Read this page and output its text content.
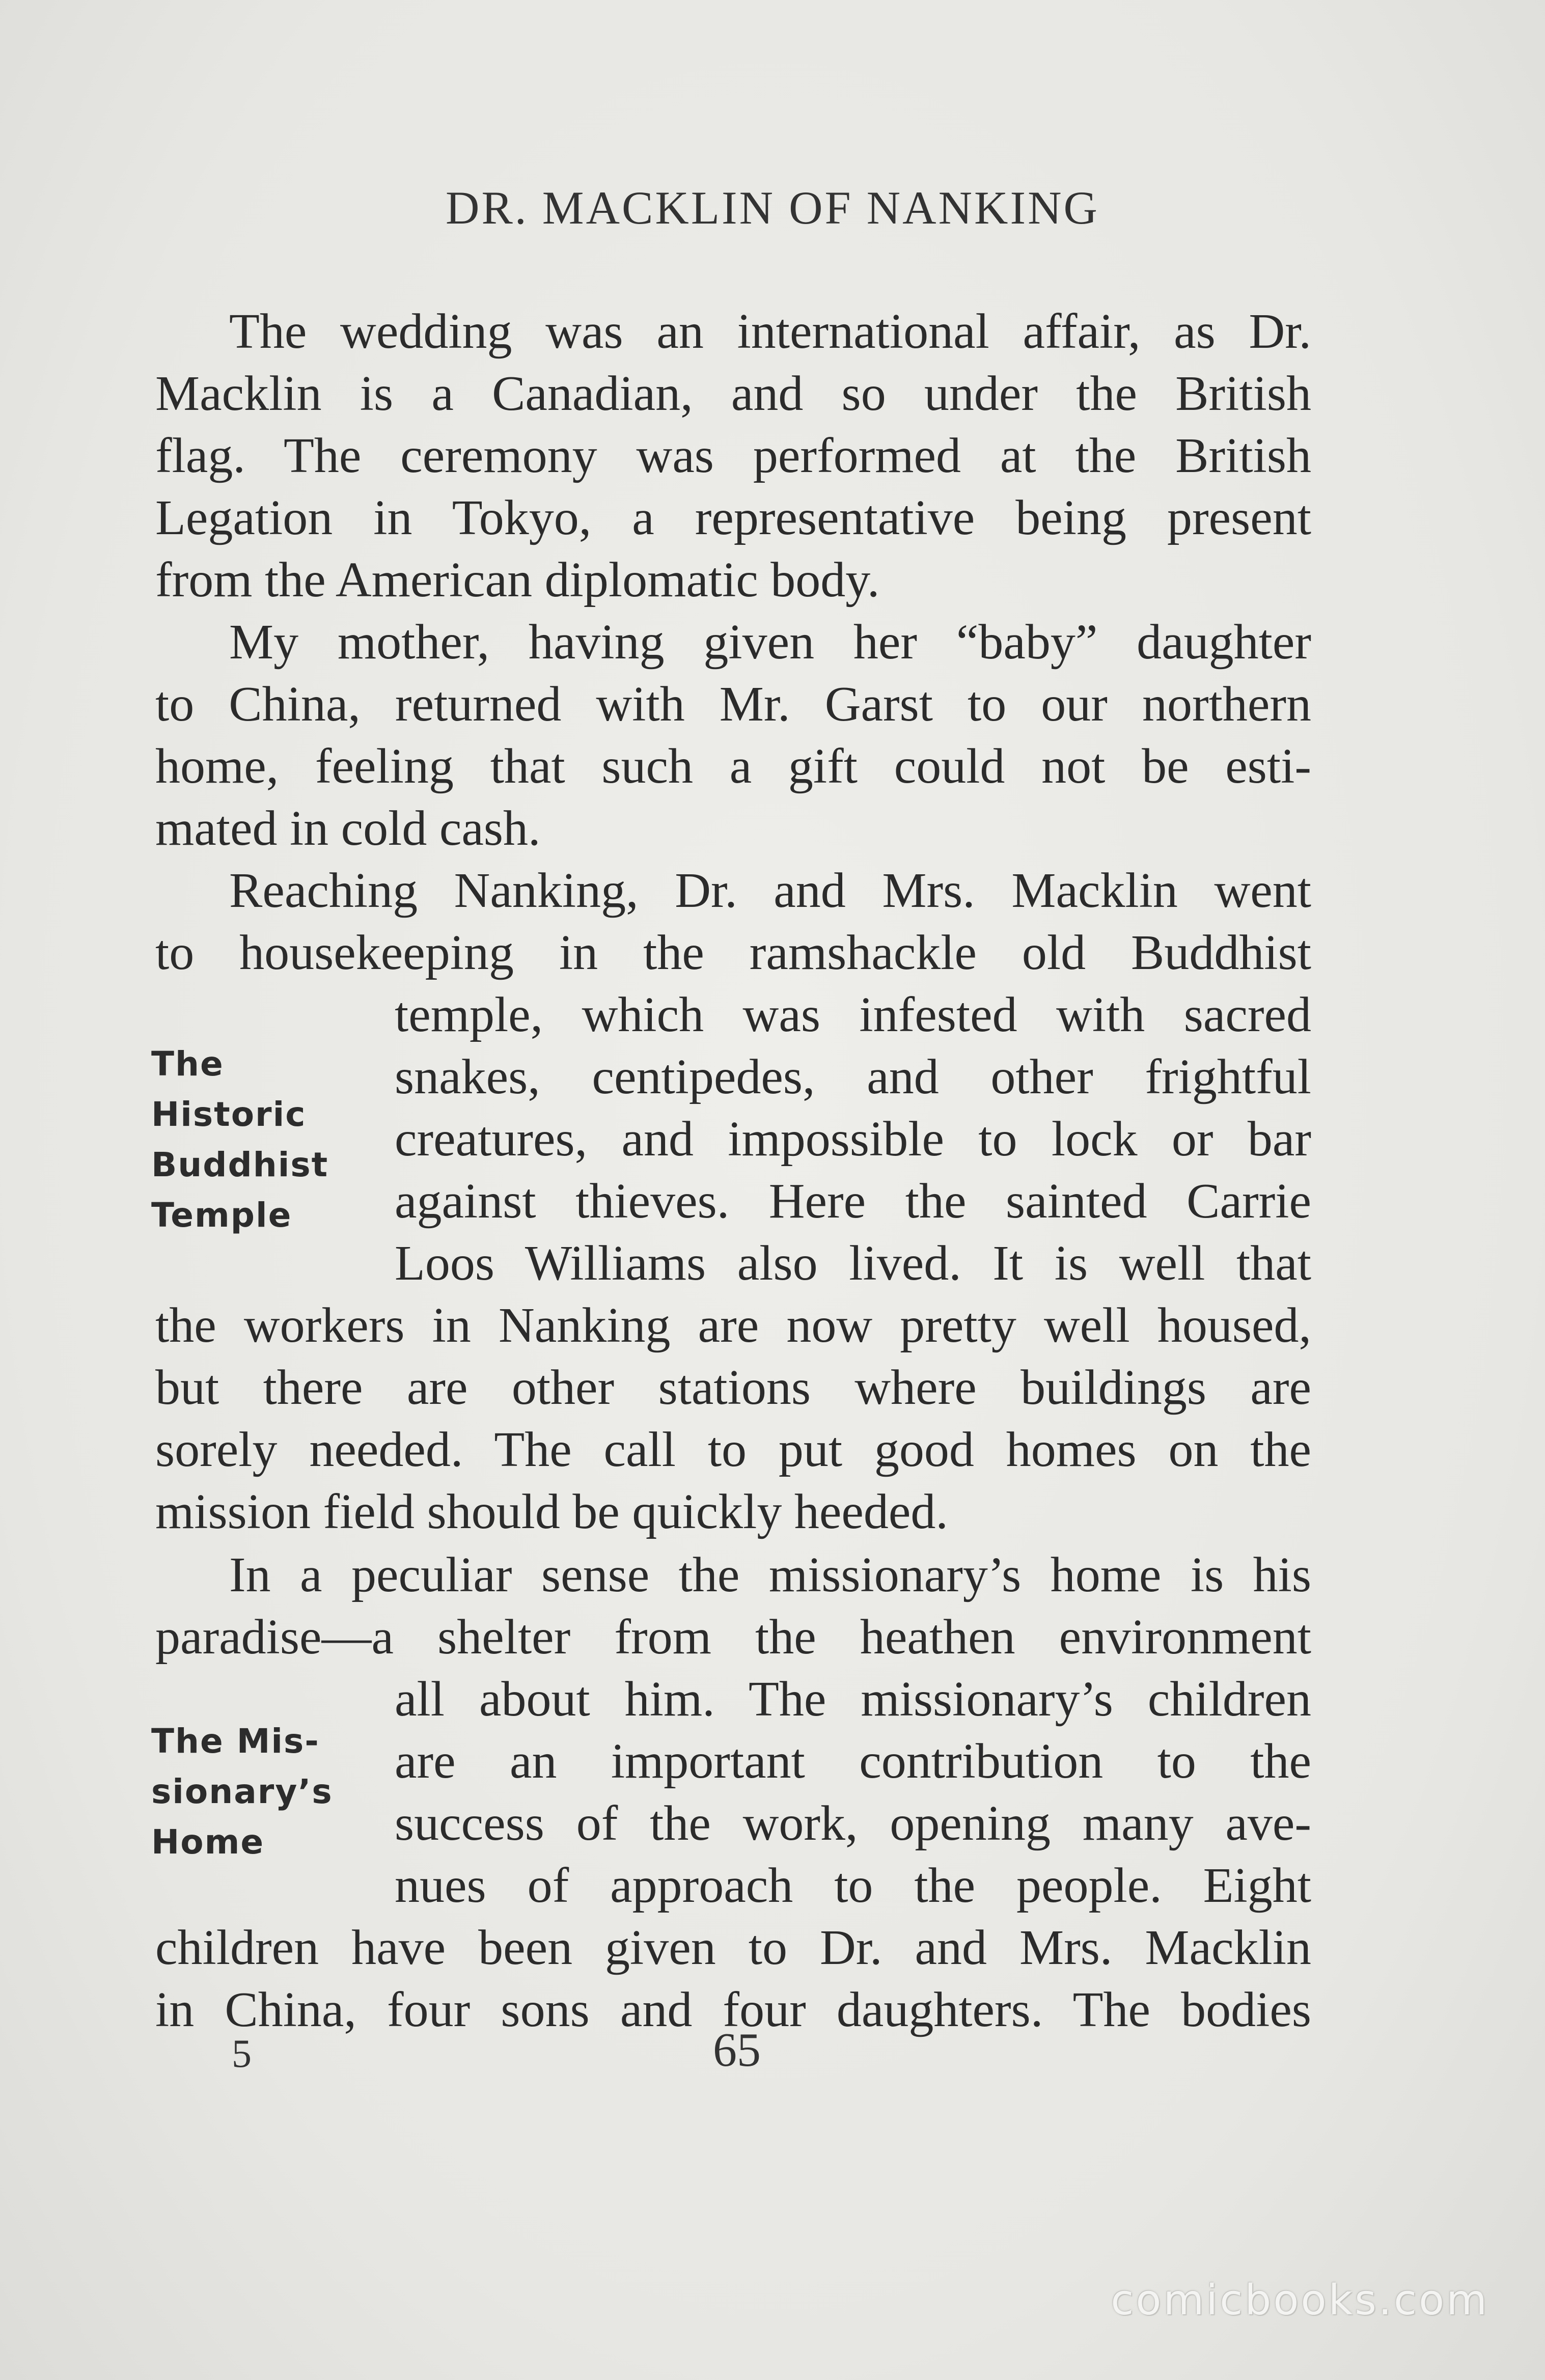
DR. MACKLIN OF NANKING
The wedding was an international affair, as Dr.
Macklin is a Canadian, and so under the British
flag. The ceremony was performed at the British
Legation in Tokyo, a representative being present
from the American diplomatic body.
My mother, having given her “baby” daughter
to China, returned with Mr. Garst to our northern
home, feeling that such a gift could not be esti-
mated in cold cash.
Reaching Nanking, Dr. and Mrs. Macklin went
to housekeeping in the ramshackle old Buddhist
temple, which was infested with sacred
snakes, centipedes, and other frightful
creatures, and impossible to lock or bar
against thieves. Here the sainted Carrie
Loos Williams also lived. It is well that
the workers in Nanking are now pretty well housed,
but there are other stations where buildings are
sorely needed. The call to put good homes on the
mission field should be quickly heeded.
The
Historic
Buddhist
Temple
In a peculiar sense the missionary’s home is his
paradise—a shelter from the heathen environment
all about him. The missionary’s children
are an important contribution to the
success of the work, opening many ave-
nues of approach to the people. Eight
children have been given to Dr. and Mrs. Macklin
in China, four sons and four daughters. The bodies
The Mis-
sionary’s
Home
5	65
comicbooks.com
